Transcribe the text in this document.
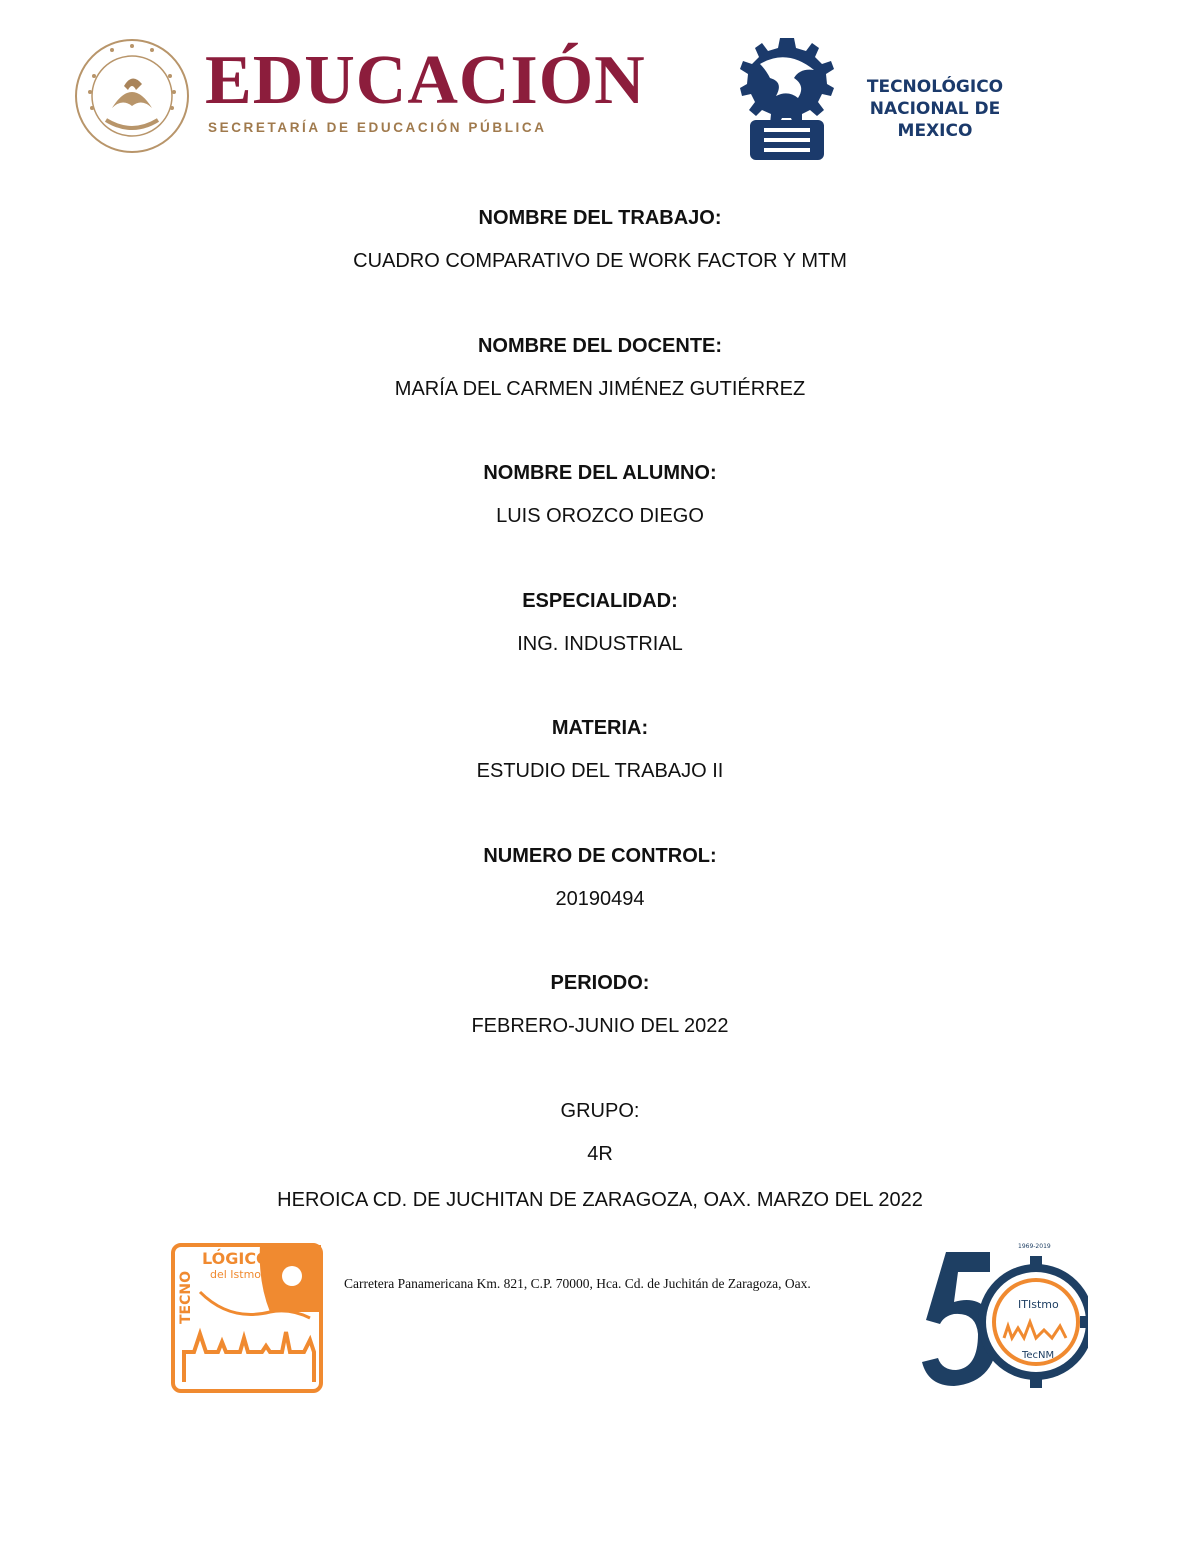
EDUCACIÓN
SECRETARÍA DE EDUCACIÓN PÚBLICA
TECNOLÓGICO
NACIONAL DE MEXICO
NOMBRE DEL TRABAJO:
CUADRO COMPARATIVO DE WORK FACTOR Y MTM
NOMBRE DEL DOCENTE:
MARÍA DEL CARMEN JIMÉNEZ GUTIÉRREZ
NOMBRE DEL ALUMNO:
LUIS OROZCO DIEGO
ESPECIALIDAD:
ING. INDUSTRIAL
MATERIA:
ESTUDIO DEL TRABAJO II
NUMERO DE CONTROL:
20190494
PERIODO:
FEBRERO-JUNIO DEL 2022
GRUPO:
4R
HEROICA CD. DE JUCHITAN DE ZARAGOZA, OAX. MARZO DEL 2022
LÓGICO
del Istmo
TECNO	Carretera Panamericana Km. 821, C.P. 70000, Hca. Cd. de Juchitán de Zaragoza, Oax.
1969-2019
ITIstmo
TecNM
